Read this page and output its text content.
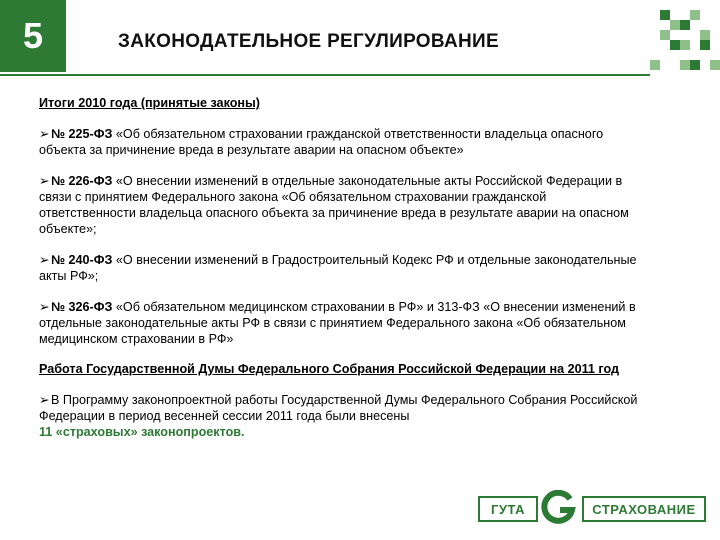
5	ЗАКОНОДАТЕЛЬНОЕ РЕГУЛИРОВАНИЕ
Итоги 2010 года (принятые законы)
➢№ 225-ФЗ «Об обязательном страховании гражданской ответственности владельца опасного объекта за причинение вреда в результате аварии на опасном объекте»
➢№ 226-ФЗ «О внесении изменений в отдельные законодательные акты Российской Федерации в связи с принятием Федерального закона «Об обязательном страховании гражданской ответственности владельца опасного объекта за причинение вреда в результате аварии на опасном объекте»;
➢№ 240-ФЗ «О внесении изменений в Градостроительный Кодекс РФ и отдельные законодательные акты РФ»;
➢№ 326-ФЗ «Об обязательном медицинском страховании в РФ» и 313-ФЗ «О внесении изменений в отдельные законодательные акты РФ в связи с принятием Федерального закона «Об обязательном медицинском страховании в РФ»
Работа Государственной Думы Федерального Собрания Российской Федерации на 2011 год
➢В Программу законопроектной работы Государственной Думы Федерального Собрания Российской Федерации в период весенней сессии 2011 года были внесены
11 «страховых» законопроектов.
ГУТА	СТРАХОВАНИЕ
